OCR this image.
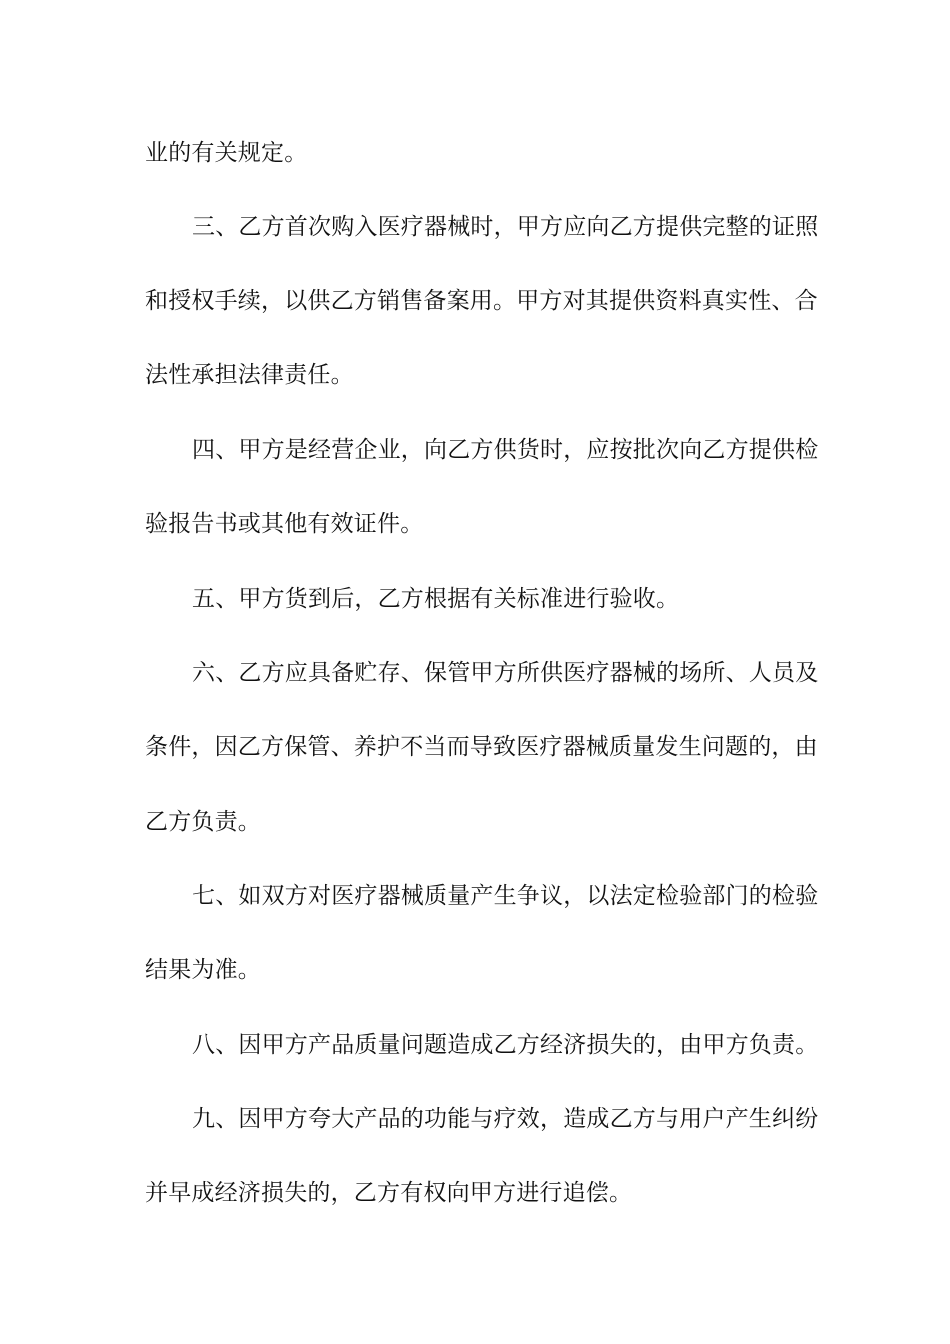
业的有关规定。
三、乙方首次购入医疗器械时，甲方应向乙方提供完整的证照
和授权手续，以供乙方销售备案用。甲方对其提供资料真实性、合
法性承担法律责任。
四、甲方是经营企业，向乙方供货时，应按批次向乙方提供检
验报告书或其他有效证件。
五、甲方货到后，乙方根据有关标准进行验收。
六、乙方应具备贮存、保管甲方所供医疗器械的场所、人员及
条件，因乙方保管、养护不当而导致医疗器械质量发生问题的，由
乙方负责。
七、如双方对医疗器械质量产生争议，以法定检验部门的检验
结果为准。
八、因甲方产品质量问题造成乙方经济损失的，由甲方负责。
九、因甲方夸大产品的功能与疗效，造成乙方与用户产生纠纷
并早成经济损失的，乙方有权向甲方进行追偿。
